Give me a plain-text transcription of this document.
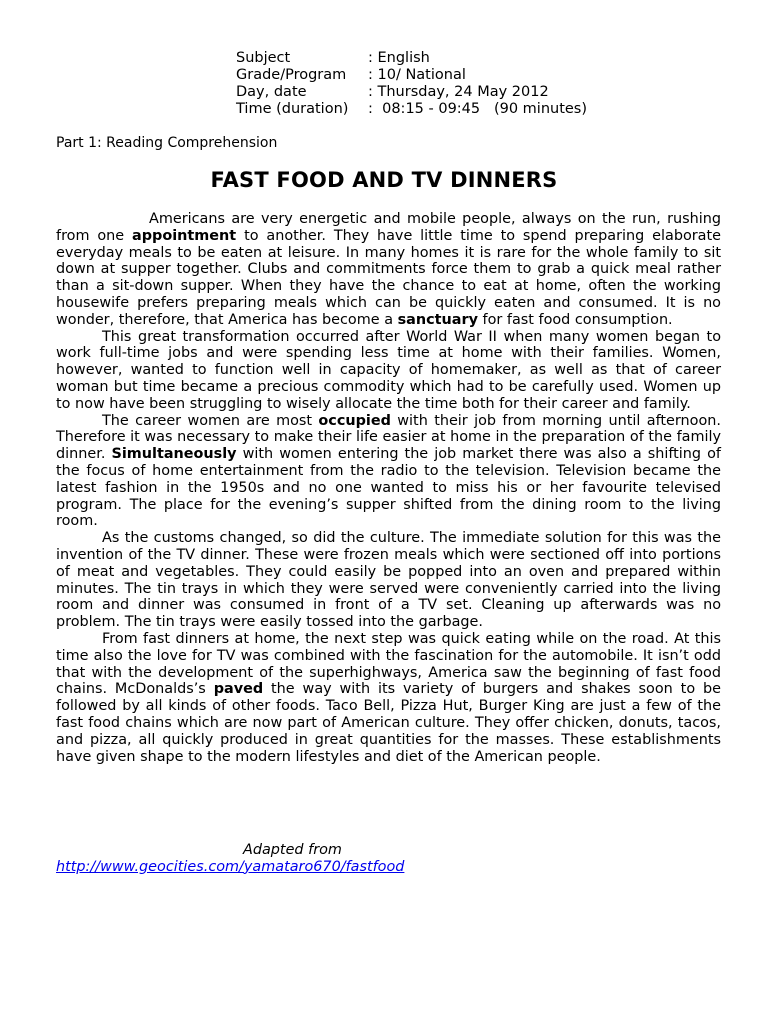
Subject	: English
Grade/Program	: 10/ National
Day, date	: Thursday, 24 May 2012
Time (duration)	:  08:15 - 09:45   (90 minutes)
Part 1: Reading Comprehension
FAST FOOD AND TV DINNERS

Americans are very energetic and mobile people, always on the run, rushing from one appointment to another. They have little time to spend preparing elaborate everyday meals to be eaten at leisure. In many homes it is rare for the whole family to sit down at supper together. Clubs and commitments force them to grab a quick meal rather than a sit-down supper. When they have the chance to eat at home, often the working housewife prefers preparing meals which can be quickly eaten and consumed. It is no wonder, therefore, that America has become a sanctuary for fast food consumption.

This great transformation occurred after World War II when many women began to work full-time jobs and were spending less time at home with their families. Women, however, wanted to function well in capacity of homemaker, as well as that of career woman but time became a precious commodity which had to be carefully used. Women up to now have been struggling to wisely allocate the time both for their career and family.

The career women are most occupied with their job from morning until afternoon. Therefore it was necessary to make their life easier at home in the preparation of the family dinner. Simultaneously with women entering the job market there was also a shifting of the focus of home entertainment from the radio to the television. Television became the latest fashion in the 1950s and no one wanted to miss his or her favourite televised program. The place for the evening’s supper shifted from the dining room to the living room.

As the customs changed, so did the culture. The immediate solution for this was the invention of the TV dinner. These were frozen meals which were sectioned off into portions of meat and vegetables. They could easily be popped into an oven and prepared within minutes. The tin trays in which they were served were conveniently carried into the living room and dinner was consumed in front of a TV set. Cleaning up afterwards was no problem. The tin trays were easily tossed into the garbage.

From fast dinners at home, the next step was quick eating while on the road. At this time also the love for TV was combined with the fascination for the automobile. It isn’t odd that with the development of the superhighways, America saw the beginning of fast food chains. McDonalds’s paved the way with its variety of burgers and shakes soon to be followed by all kinds of other foods. Taco Bell, Pizza Hut, Burger King are just a few of the fast food chains which are now part of American culture. They offer chicken, donuts, tacos, and pizza, all quickly produced in great quantities for the masses. These establishments have given shape to the modern lifestyles and diet of the American people.

Adapted from
http://www.geocities.com/yamataro670/fastfood
